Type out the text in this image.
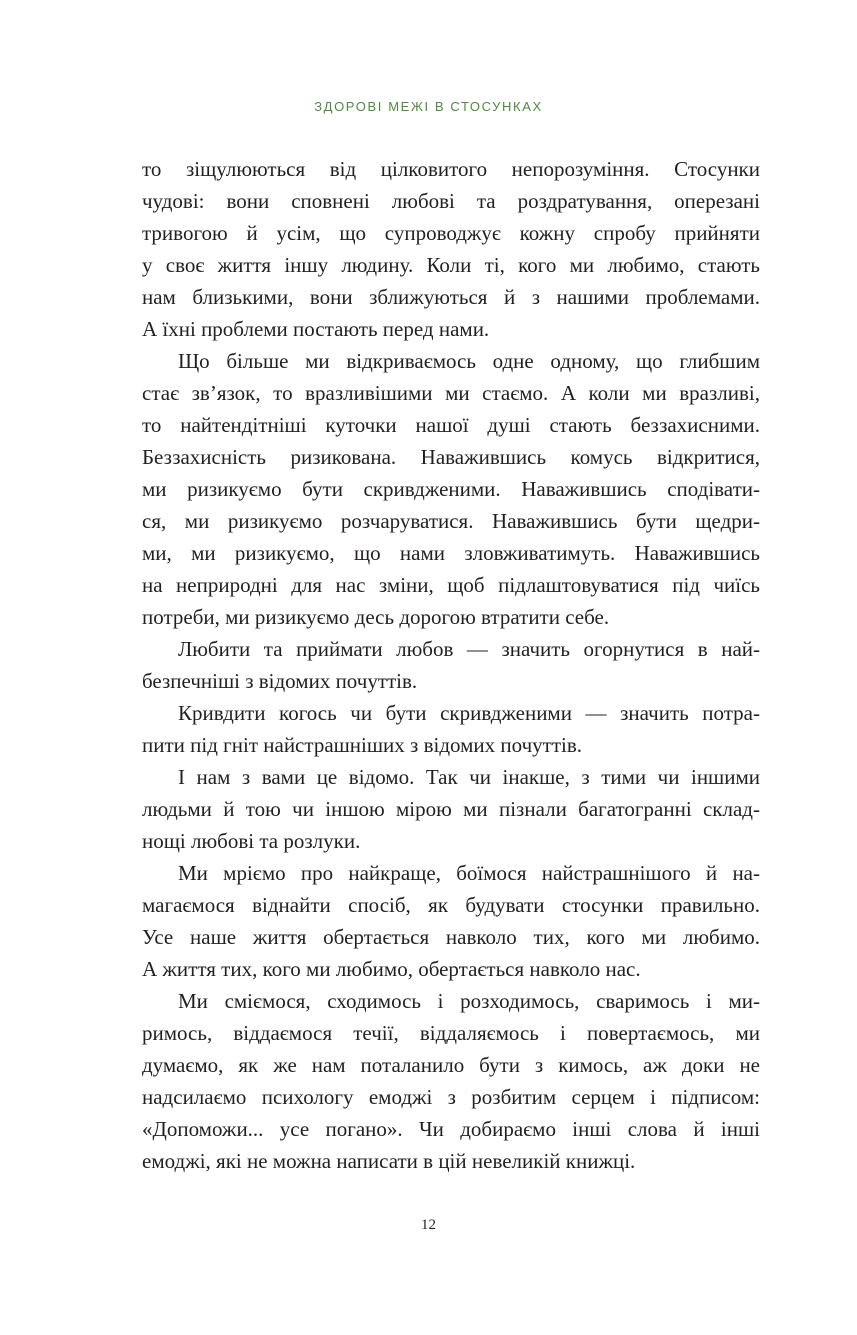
ЗДОРОВІ МЕЖІ В СТОСУНКАХ
то зіщулюються від цілковитого непорозуміння. Стосунки
чудові: вони сповнені любові та роздратування, оперезані
тривогою й усім, що супроводжує кожну спробу прийняти
у своє життя іншу людину. Коли ті, кого ми любимо, стають
нам близькими, вони зближуються й з нашими проблемами.
А їхні проблеми постають перед нами.
Що більше ми відкриваємось одне одному, що глибшим
стає зв’язок, то вразливішими ми стаємо. А коли ми вразливі,
то найтендітніші куточки нашої душі стають беззахисними.
Беззахисність ризикована. Наважившись комусь відкритися,
ми ризикуємо бути скривдженими. Наважившись сподівати-
ся, ми ризикуємо розчаруватися. Наважившись бути щедри-
ми, ми ризикуємо, що нами зловживатимуть. Наважившись
на неприродні для нас зміни, щоб підлаштовуватися під чиїсь
потреби, ми ризикуємо десь дорогою втратити себе.
Любити та приймати любов — значить огорнутися в най-
безпечніші з відомих почуттів.
Кривдити когось чи бути скривдженими — значить потра-
пити під гніт найстрашніших з відомих почуттів.
І нам з вами це відомо. Так чи інакше, з тими чи іншими
людьми й тою чи іншою мірою ми пізнали багатогранні склад-
нощі любові та розлуки.
Ми мріємо про найкраще, боїмося найстрашнішого й на-
магаємося віднайти спосіб, як будувати стосунки правильно.
Усе наше життя обертається навколо тих, кого ми любимо.
А життя тих, кого ми любимо, обертається навколо нас.
Ми сміємося, сходимось і розходимось, сваримось і ми-
римось, віддаємося течії, віддаляємось і повертаємось, ми
думаємо, як же нам поталанило бути з кимось, аж доки не
надсилаємо психологу емоджі з розбитим серцем і підписом:
«Допоможи... усе погано». Чи добираємо інші слова й інші
емоджі, які не можна написати в цій невеликій книжці.
12
